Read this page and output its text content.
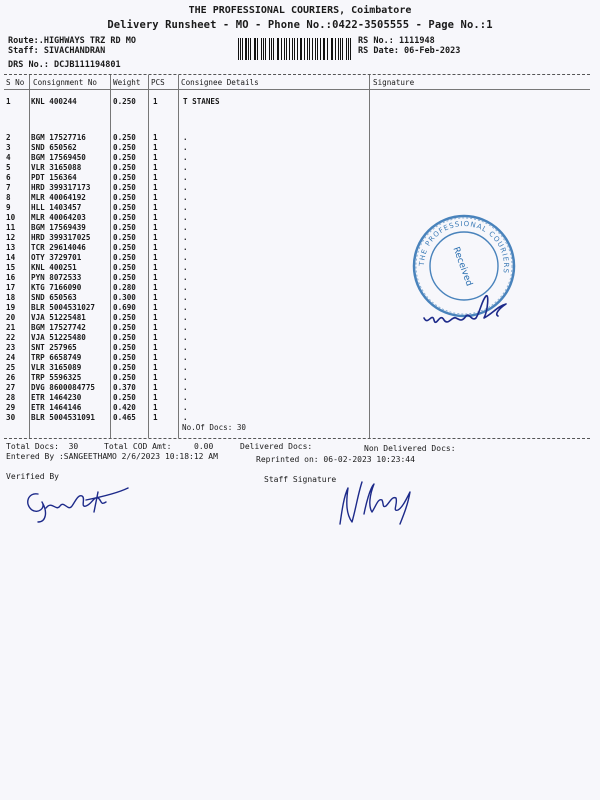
THE PROFESSIONAL COURIERS, Coimbatore
Delivery Runsheet - MO - Phone No.:0422-3505555 - Page No.:1
Route:.HIGHWAYS TRZ RD MO
Staff: SIVACHANDRAN
DRS No.: DCJB111194801
RS No.: 1111948
RS Date: 06-Feb-2023
S No Consignment No Weight PCS Consignee Details	Signature
1	KNL 400244	0.250 1	T STANES
2	BGM 17527716	0.250 1	.
3	SND 650562	0.250 1	.
4	BGM 17569450	0.250 1	.
5	VLR 3165088	0.250 1	.
6	PDT 156364	0.250 1	.
7	HRD 399317173	0.250 1	.
8	MLR 40064192	0.250 1	.
9	HLL 1403457	0.250 1	.
10 MLR 40064203	0.250 1	.
11 BGM 17569439	0.250 1	.
12 HRD 399317025	0.250 1	.
13 TCR 29614046	0.250 1	.
14 OTY 3729701	0.250 1	.
15 KNL 400251	0.250 1	.
16 PYN 8072533	0.250 1	.
17 KTG 7166090	0.280 1	.
18 SND 650563	0.300 1	.
19 BLR 5004531027 0.690 1	.
20 VJA 51225481	0.250 1	.
21 BGM 17527742	0.250 1	.
22 VJA 51225480	0.250 1	.
23 SNT 257965	0.250 1	.
24 TRP 6658749	0.250 1	.
25 VLR 3165089	0.250 1	.
26 TRP 5596325	0.250 1	.
27 DVG 8600084775 0.370 1	.
28 ETR 1464230	0.250 1	.
29 ETR 1464146	0.420 1	.
30 BLR 5004531091 0.465 1	.
No.Of Docs: 30
Total Docs:  30	Total COD Amt:	0.00	Delivered Docs:	Non Delivered Docs:
Entered By :SANGEETHAMO 2/6/2023 10:18:12 AM	Reprinted on: 06-02-2023 10:23:44
Verified By	Staff Signature
THE PROFESSIONAL COURIERS
Received
